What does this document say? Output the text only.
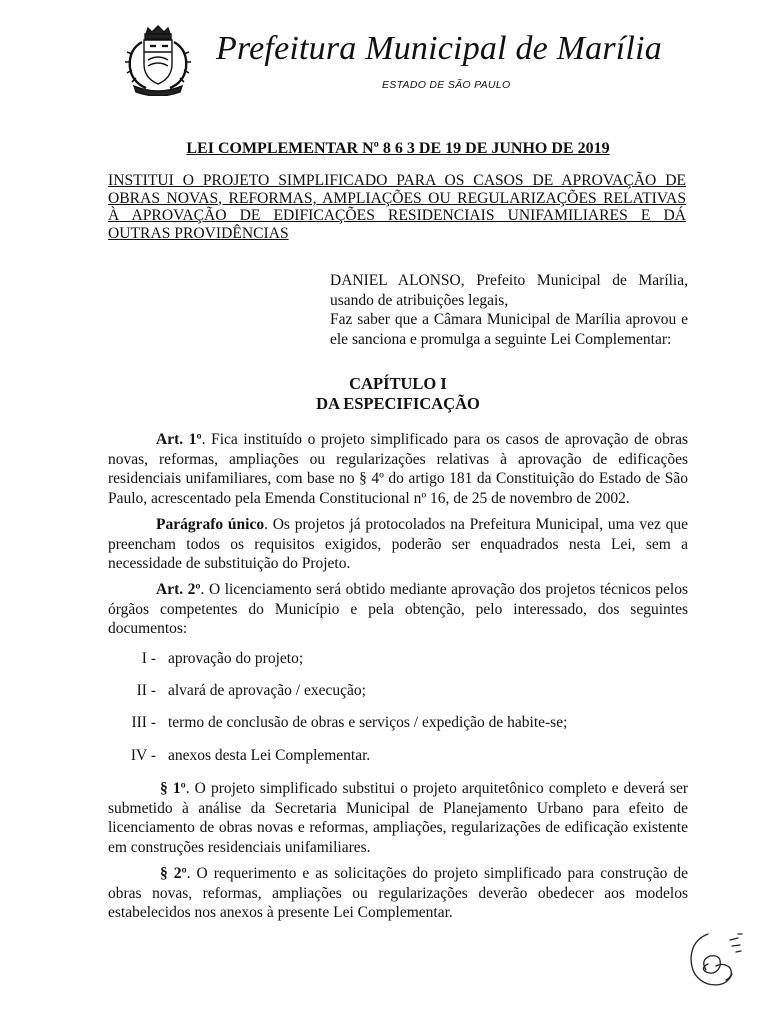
Prefeitura Municipal de Marília
ESTADO DE SÃO PAULO
LEI COMPLEMENTAR Nº 8 6 3 DE 19 DE JUNHO DE 2019
INSTITUI O PROJETO SIMPLIFICADO PARA OS CASOS DE APROVAÇÃO DE
OBRAS NOVAS, REFORMAS, AMPLIAÇÕES OU REGULARIZAÇÕES RELATIVAS
À APROVAÇÃO DE EDIFICAÇÕES RESIDENCIAIS UNIFAMILIARES E DÁ
OUTRAS PROVIDÊNCIAS
DANIEL ALONSO, Prefeito Municipal de Marília,
usando de atribuições legais,
Faz saber que a Câmara Municipal de Marília aprovou e
ele sanciona e promulga a seguinte Lei Complementar:
CAPÍTULO I
DA ESPECIFICAÇÃO
Art. 1º. Fica instituído o projeto simplificado para os casos de aprovação de obras
novas, reformas, ampliações ou regularizações relativas à aprovação de edificações
residenciais unifamiliares, com base no § 4º do artigo 181 da Constituição do Estado de São
Paulo, acrescentado pela Emenda Constitucional nº 16, de 25 de novembro de 2002.
Parágrafo único. Os projetos já protocolados na Prefeitura Municipal, uma vez que
preencham todos os requisitos exigidos, poderão ser enquadrados nesta Lei, sem a
necessidade de substituição do Projeto.
Art. 2º. O licenciamento será obtido mediante aprovação dos projetos técnicos pelos
órgãos competentes do Município e pela obtenção, pelo interessado, dos seguintes
documentos:
I - aprovação do projeto;
II - alvará de aprovação / execução;
III - termo de conclusão de obras e serviços / expedição de habite-se;
IV - anexos desta Lei Complementar.
§ 1º. O projeto simplificado substitui o projeto arquitetônico completo e deverá ser
submetido à análise da Secretaria Municipal de Planejamento Urbano para efeito de
licenciamento de obras novas e reformas, ampliações, regularizações de edificação existente
em construções residenciais unifamiliares.
§ 2º. O requerimento e as solicitações do projeto simplificado para construção de
obras novas, reformas, ampliações ou regularizações deverão obedecer aos modelos
estabelecidos nos anexos à presente Lei Complementar.
